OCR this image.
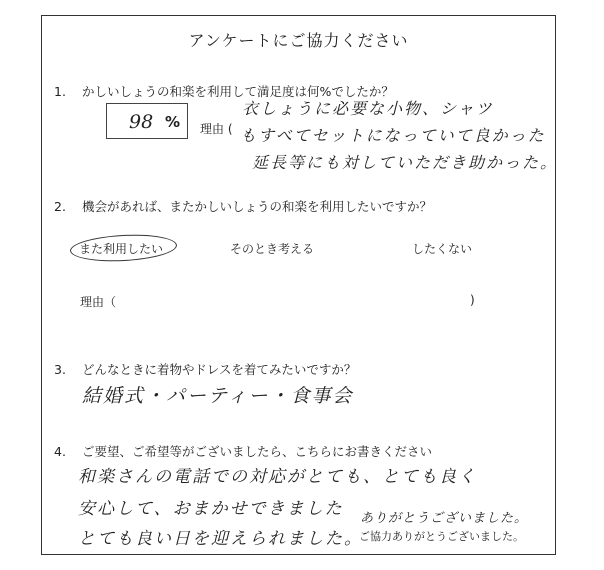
アンケートにご協力ください
1. かしいしょうの和楽を利用して満足度は何%でしたか？
98 % 理由 (
衣しょうに必要な小物、シャツ
もすべてセットになっていて良かった
延長等にも対していただき助かった。
2. 機会があれば、またかしいしょうの和楽を利用したいですか？
また利用したい	そのとき考える	したくない
理由（	)
3. どんなときに着物やドレスを着てみたいですか？
結婚式・パーティー・食事会
4. ご要望、ご希望等がございましたら、こちらにお書きください
和楽さんの電話での対応がとても、とても良く
安心して、おまかせできました
とても良い日を迎えられました。
ありがとうございました。
ご協力ありがとうございました。
